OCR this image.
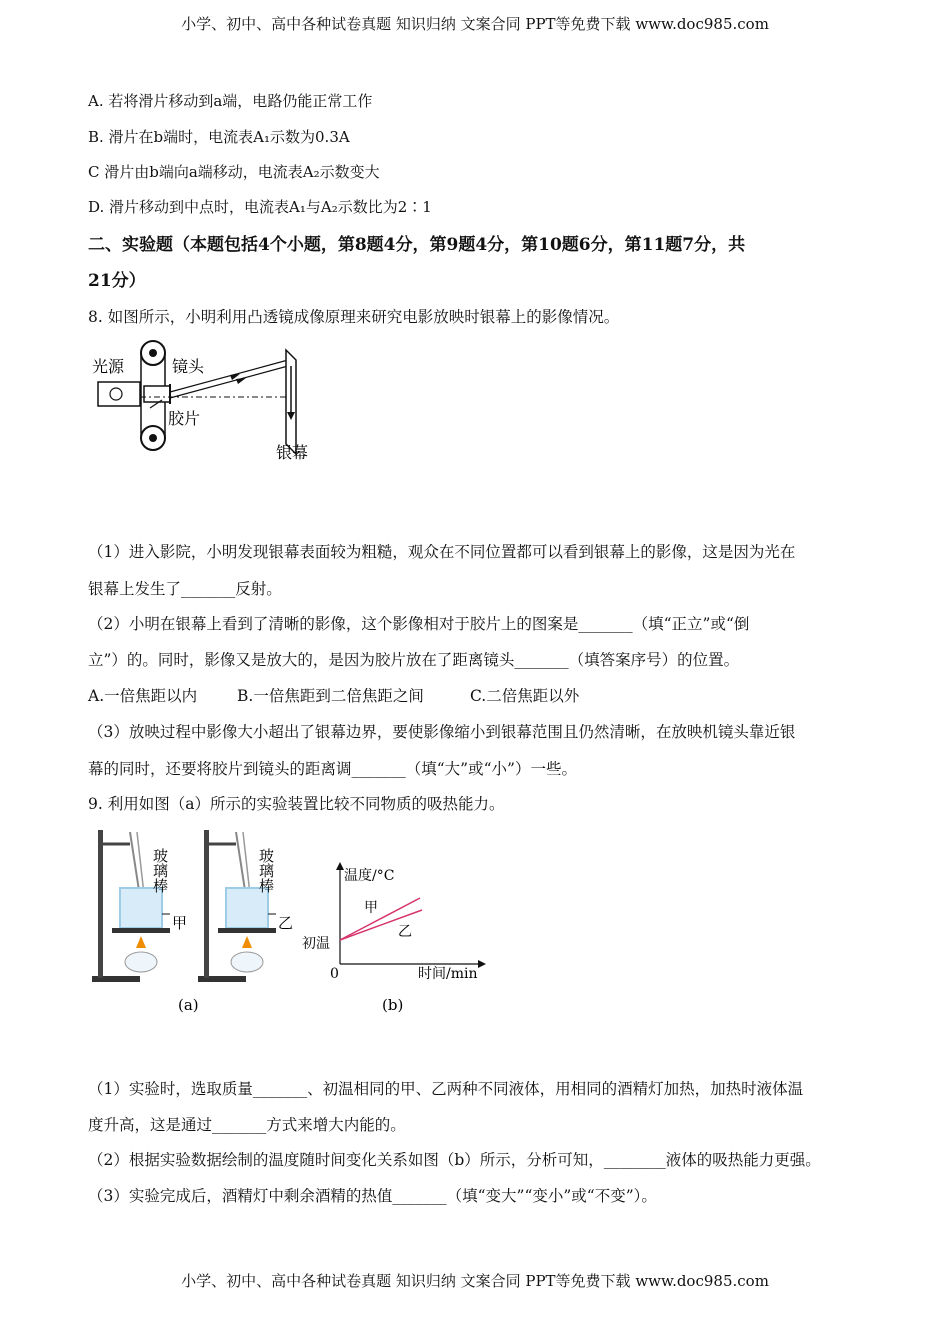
小学、初中、高中各种试卷真题 知识归纳 文案合同 PPT等免费下载 www.doc985.com
A. 若将滑片移动到a端，电路仍能正常工作
B. 滑片在b端时，电流表A₁示数为0.3A
C 滑片由b端向a端移动，电流表A₂示数变大
D. 滑片移动到中点时，电流表A₁与A₂示数比为2∶1
二、实验题（本题包括4个小题，第8题4分，第9题4分，第10题6分，第11题7分，共
21分）
8. 如图所示，小明利用凸透镜成像原理来研究电影放映时银幕上的影像情况。
光源	镜头
胶片
银幕
（1）进入影院，小明发现银幕表面较为粗糙，观众在不同位置都可以看到银幕上的影像，这是因为光在
银幕上发生了_______反射。
（2）小明在银幕上看到了清晰的影像，这个影像相对于胶片上的图案是_______（填“正立”或“倒
立”）的。同时，影像又是放大的，是因为胶片放在了距离镜头_______（填答案序号）的位置。
A.一倍焦距以内	B.一倍焦距到二倍焦距之间	C.二倍焦距以外
（3）放映过程中影像大小超出了银幕边界，要使影像缩小到银幕范围且仍然清晰，在放映机镜头靠近银
幕的同时，还要将胶片到镜头的距离调_______（填“大”或“小”）一些。
9. 利用如图（a）所示的实验装置比较不同物质的吸热能力。
玻璃棒	玻璃棒
甲	乙
(a)
温度/°C
时间/min
0
初温
甲
乙
(b)
（1）实验时，选取质量_______、初温相同的甲、乙两种不同液体，用相同的酒精灯加热，加热时液体温
度升高，这是通过_______方式来增大内能的。
（2）根据实验数据绘制的温度随时间变化关系如图（b）所示，分析可知，________液体的吸热能力更强。
（3）实验完成后，酒精灯中剩余酒精的热值_______（填“变大”“变小”或“不变”）。
小学、初中、高中各种试卷真题 知识归纳 文案合同 PPT等免费下载 www.doc985.com
